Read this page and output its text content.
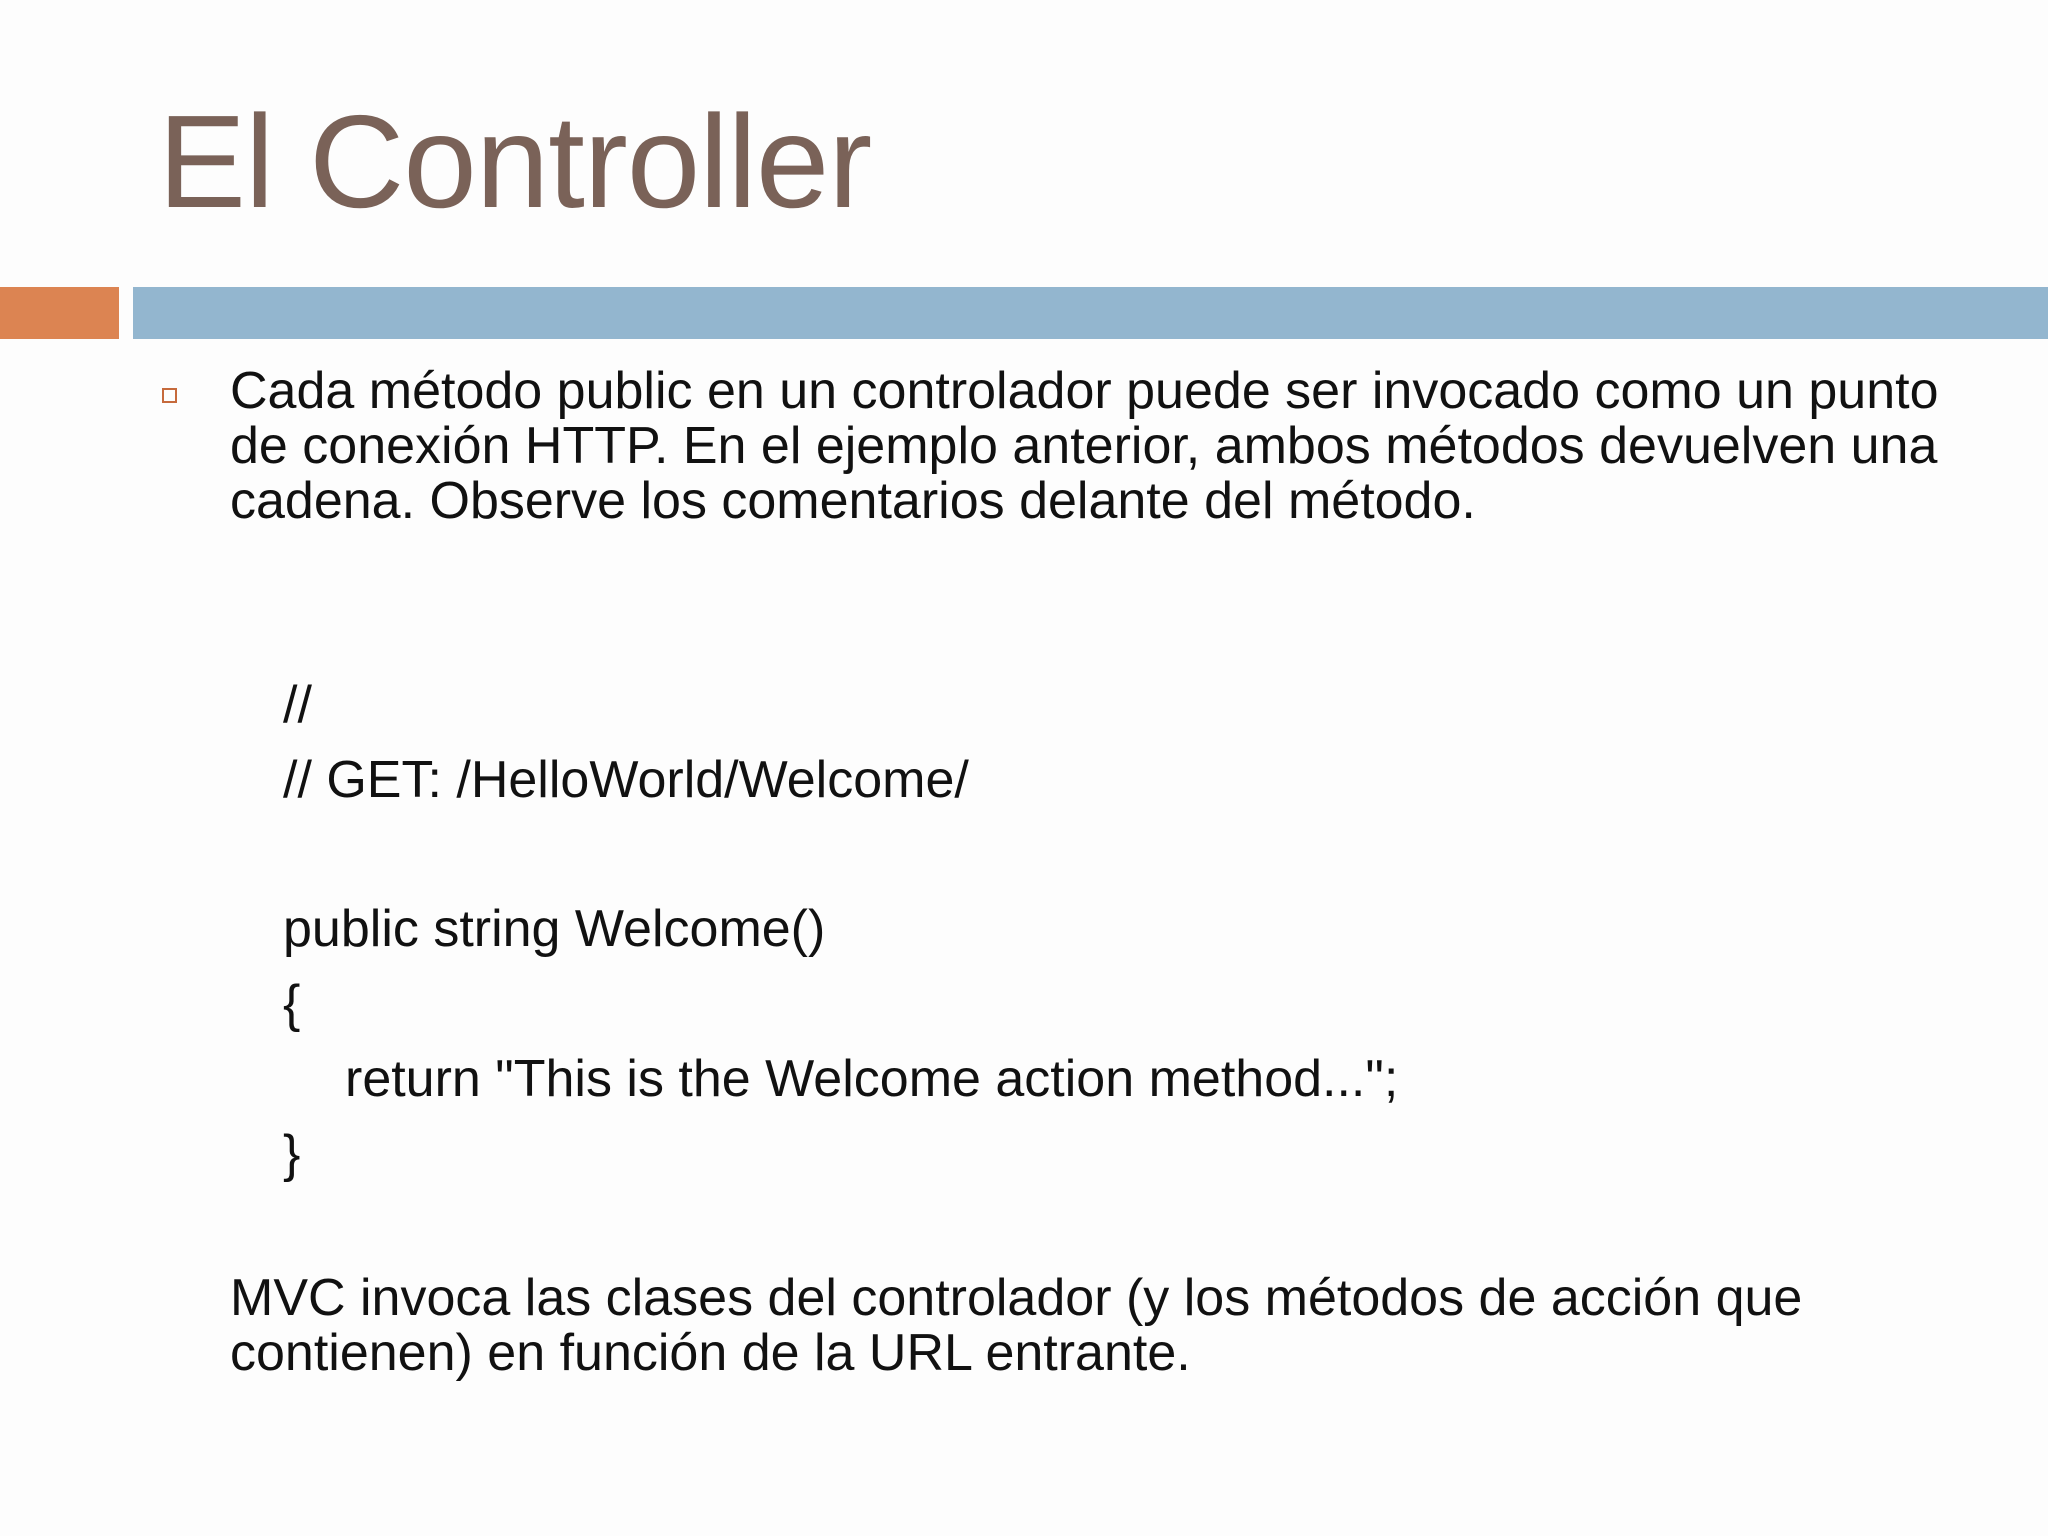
El Controller

Cada método public en un controlador puede ser invocado como un punto de conexión HTTP. En el ejemplo anterior, ambos métodos devuelven una cadena. Observe los comentarios delante del método.

//

// GET: /HelloWorld/Welcome/

public string Welcome()

{

return "This is the Welcome action method...";

}

MVC invoca las clases del controlador (y los métodos de acción que contienen) en función de la URL entrante.
